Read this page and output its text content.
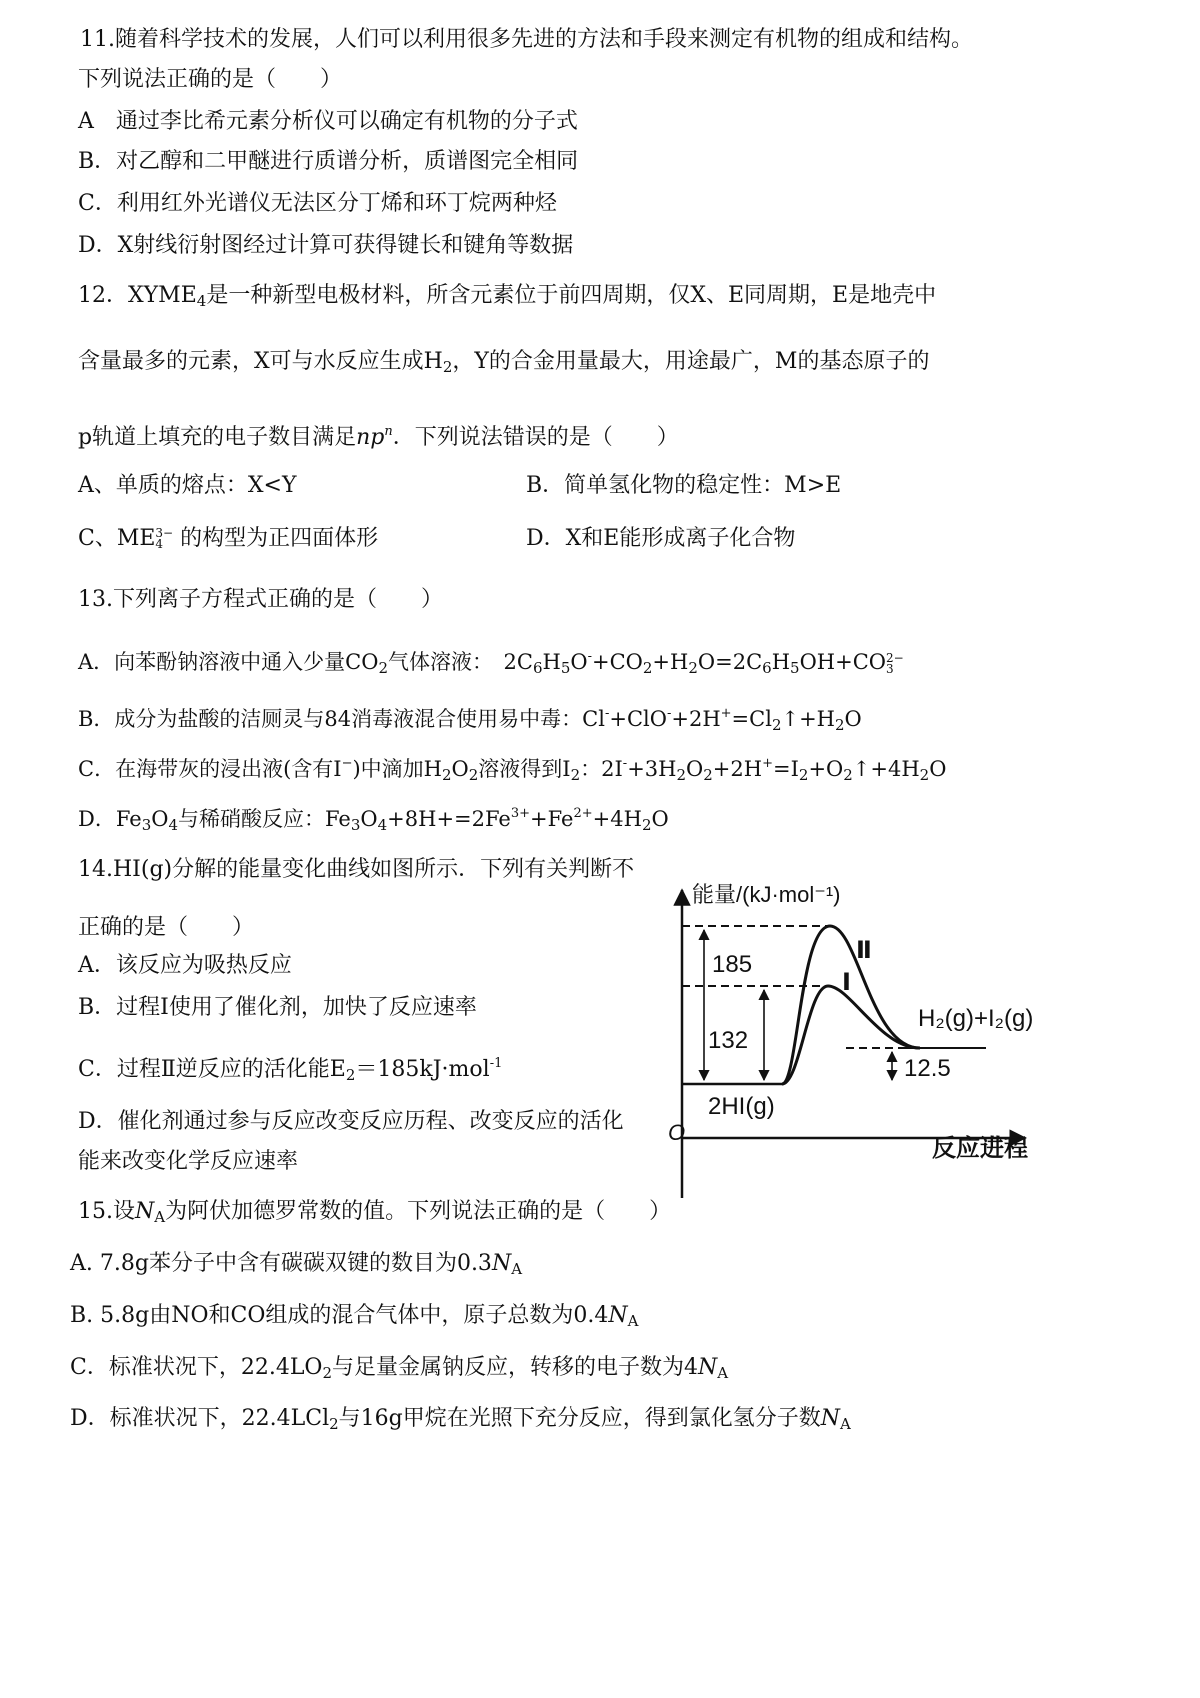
11.随着科学技术的发展，人们可以利用很多先进的方法和手段来测定有机物的组成和结构。
下列说法正确的是（　　）
A　通过李比希元素分析仪可以确定有机物的分子式
B．对乙醇和二甲醚进行质谱分析，质谱图完全相同
C．利用红外光谱仪无法区分丁烯和环丁烷两种烃
D．X射线衍射图经过计算可获得键长和键角等数据
12．$XYME_4$是一种新型电极材料，所含元素位于前四周期，仅X、E同周期，E是地壳中
含量最多的元素，X可与水反应生成$H_2$，Y的合金用量最大，用途最广，M的基态原子的
p轨道上填充的电子数目满足$np^n$．下列说法错误的是（　　）
A、单质的熔点：X<Y	B．简单氢化物的稳定性：M>E
C、ME3−
4 的构型为正四面体形	D．X和E能形成离子化合物
13.下列离子方程式正确的是（　　）
A．向苯酚钠溶液中通入少量$CO_2$气体溶液：　$2C_6H_5O^-+CO_2+H_2O=2C_6H_5OH+CO2-$
3
B．成分为盐酸的洁厕灵与84消毒液混合使用易中毒：$Cl^-+ClO^-+2H^+=Cl_2↑+H_2O$
C．在海带灰的浸出液(含有I−)中滴加$H_2O_2$溶液得到$I_2$：$2I^-+3H_2O_2+2H^+=I_2+O_2↑+4H_2O$
D．$Fe_3O_4$与稀硝酸反应：$Fe_3O_4+8H+=2Fe^{3+}+Fe^{2+}+4H_2O$
14.HI(g)分解的能量变化曲线如图所示．下列有关判断不
正确的是（　　）
A．该反应为吸热反应
B．过程Ⅰ使用了催化剂，加快了反应速率
C．过程Ⅱ逆反应的活化能$E_2=185kJ\cdot mol^{-1}$
D．催化剂通过参与反应改变反应历程、改变反应的活化
能来改变化学反应速率
能量/(kJ·mol⁻¹)
反应进程
O
185
132
12.5
Ⅱ
Ⅰ
2HI(g)
H₂(g)+I₂(g)
15.设$N_A$为阿伏加德罗常数的值。下列说法正确的是（　　）
A. 7.8g苯分子中含有碳碳双键的数目为$0.3N_A$
B. 5.8g由NO和CO组成的混合气体中，原子总数为$0.4N_A$
C．标准状况下，$22.4LO_2$与足量金属钠反应，转移的电子数为$4N_A$
D．标准状况下，22.4LCl$_2$与16g甲烷在光照下充分反应，得到氯化氢分子数$N_A$
